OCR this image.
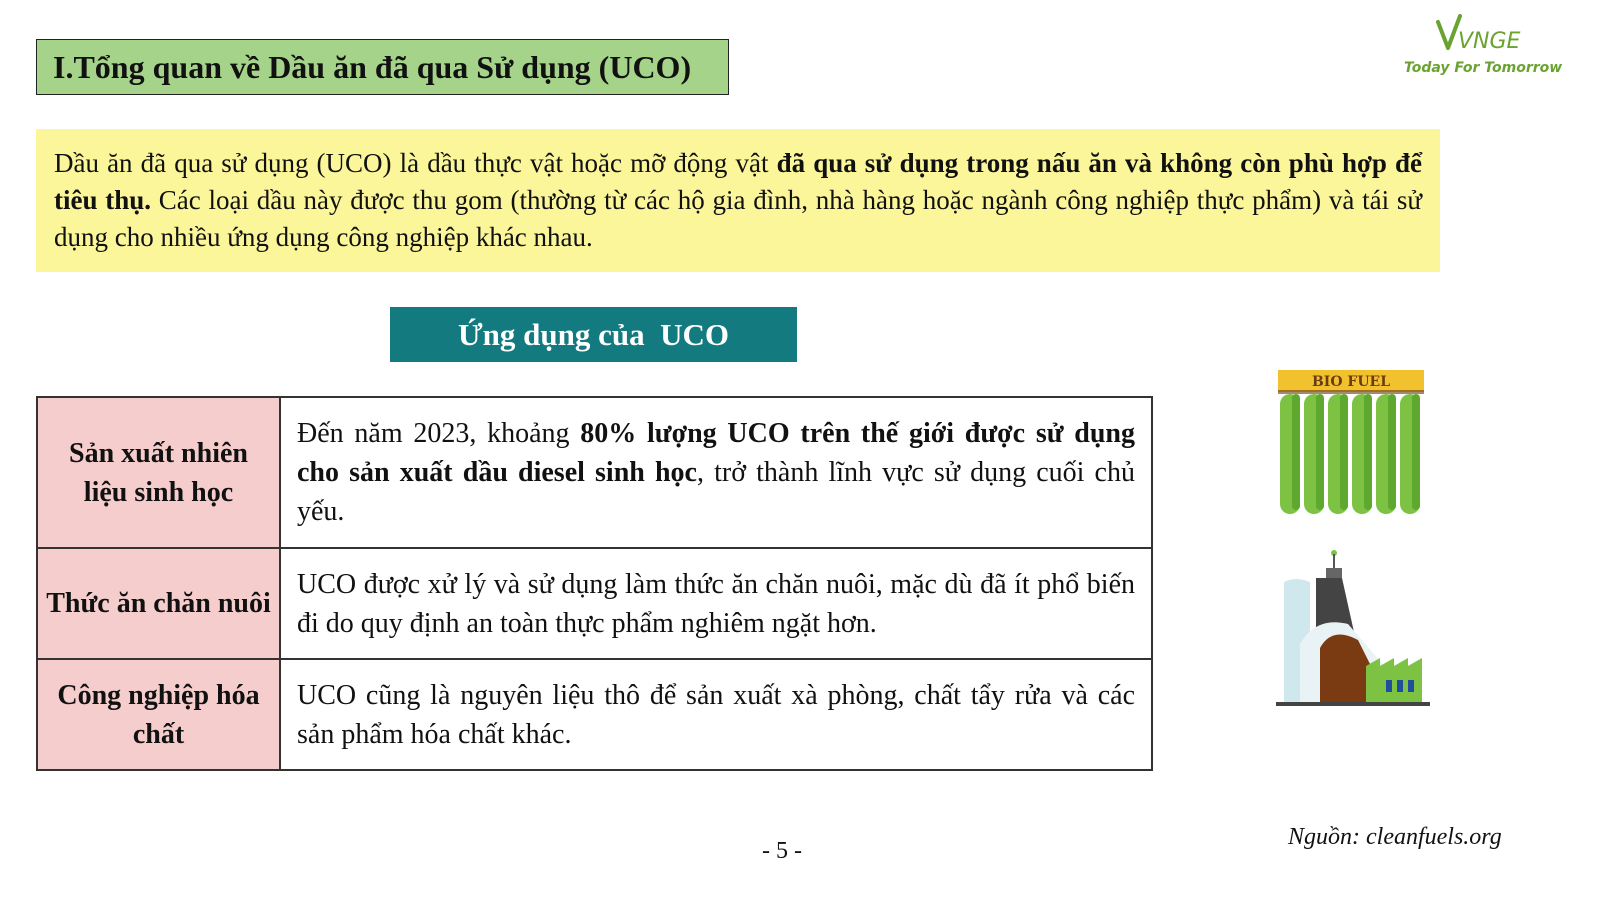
I.Tổng quan về Dầu ăn đã qua Sử dụng (UCO)
VNGE
Today For Tomorrow
Dầu ăn đã qua sử dụng (UCO) là dầu thực vật hoặc mỡ động vật đã qua sử dụng trong nấu ăn và không còn phù hợp để tiêu thụ. Các loại dầu này được thu gom (thường từ các hộ gia đình, nhà hàng hoặc ngành công nghiệp thực phẩm) và tái sử dụng cho nhiều ứng dụng công nghiệp khác nhau.
Ứng dụng của  UCO
Sản xuất nhiên liệu sinh học	Đến năm 2023, khoảng 80% lượng UCO trên thế giới được sử dụng cho sản xuất dầu diesel sinh học, trở thành lĩnh vực sử dụng cuối chủ yếu.
Thức ăn chăn nuôi	UCO được xử lý và sử dụng làm thức ăn chăn nuôi, mặc dù đã ít phổ biến đi do quy định an toàn thực phẩm nghiêm ngặt hơn.
Công nghiệp hóa chất	UCO cũng là nguyên liệu thô để sản xuất xà phòng, chất tẩy rửa và các sản phẩm hóa chất khác.
BIO FUEL
- 5 -
Nguồn: cleanfuels.org
